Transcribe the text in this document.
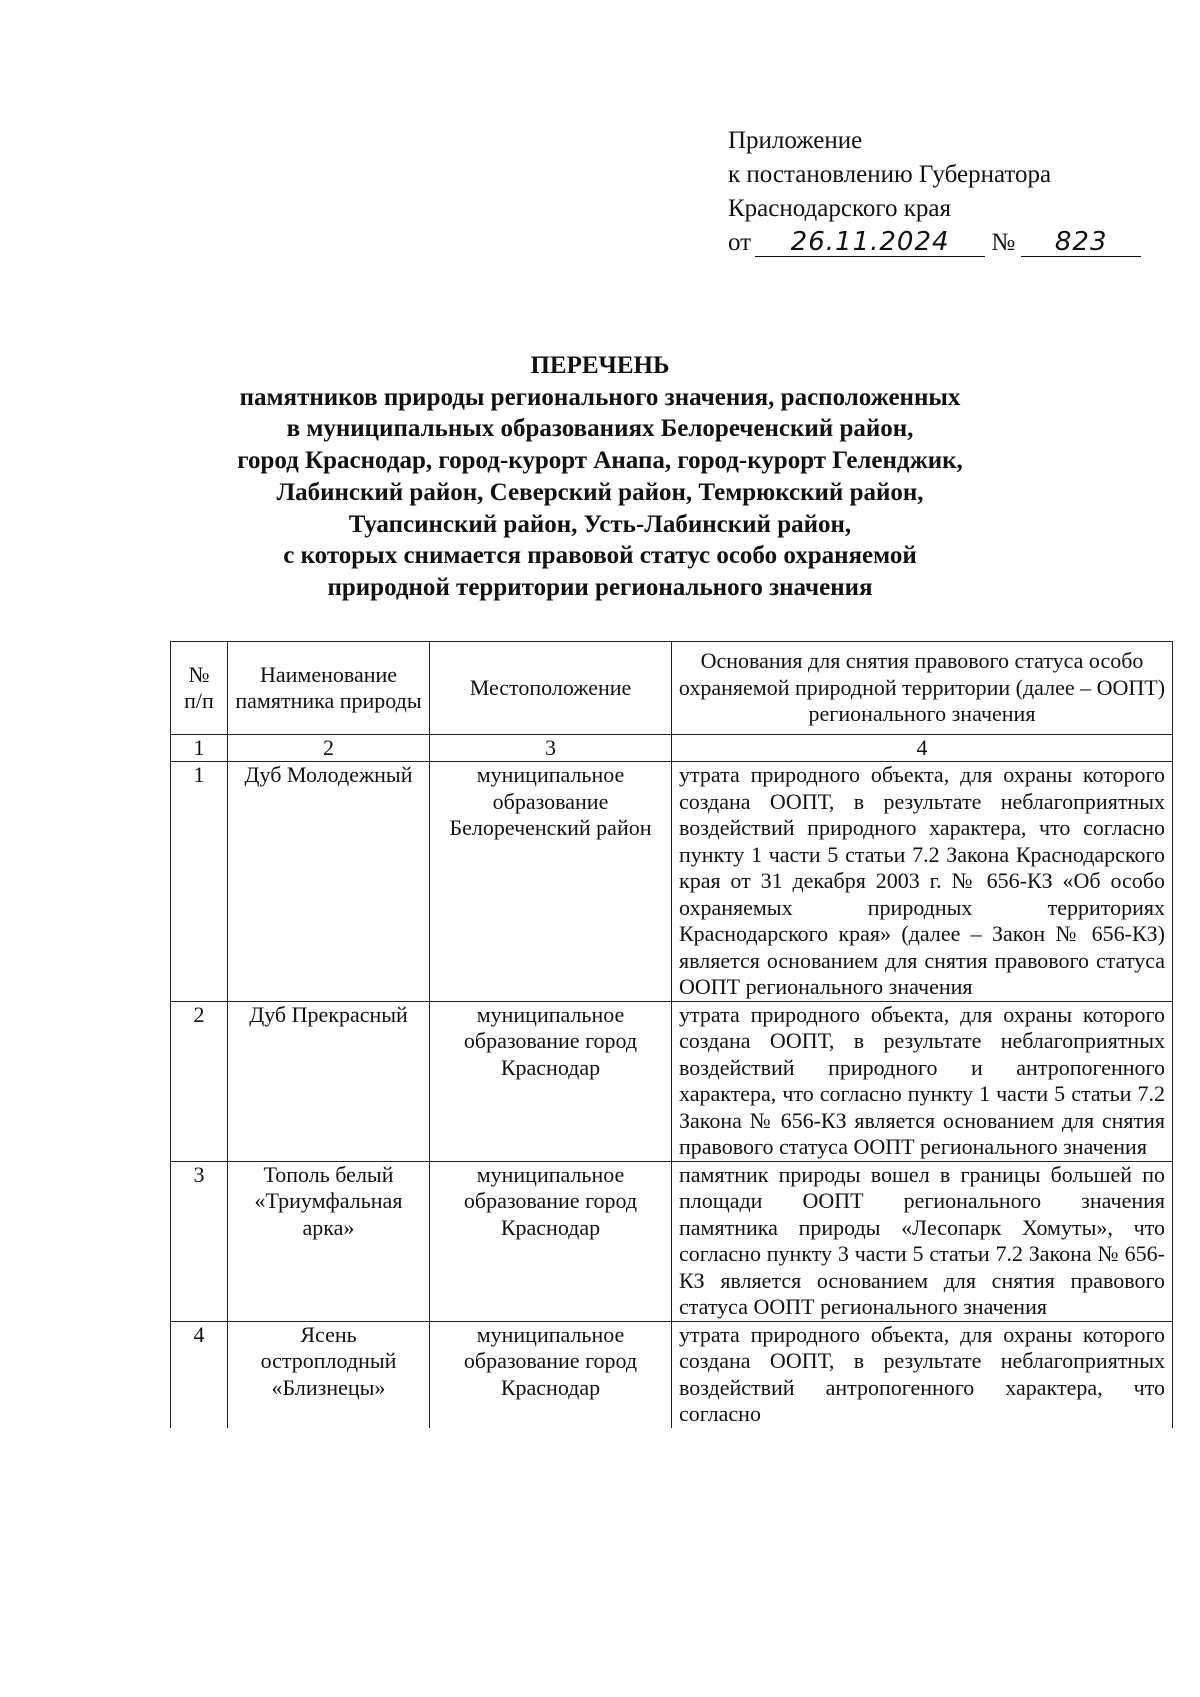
Приложение
к постановлению Губернатора
Краснодарского края
от 26.11.2024 № 823
ПЕРЕЧЕНЬ
памятников природы регионального значения, расположенных
в муниципальных образованиях Белореченский район,
город Краснодар, город-курорт Анапа, город-курорт Геленджик,
Лабинский район, Северский район, Темрюкский район,
Туапсинский район, Усть-Лабинский район,
с которых снимается правовой статус особо охраняемой
природной территории регионального значения
№ п/п	Наименование памятника природы	Местоположение	Основания для снятия правового статуса особо охраняемой природной территории (далее – ООПТ) регионального значения
1	2	3	4
1	Дуб Молодежный	муниципальное образование Белореченский район	утрата природного объекта, для охраны которого создана ООПТ, в результате неблагоприятных воздействий природного характера, что согласно пункту 1 части 5 статьи 7.2 Закона Краснодарского края от 31 декабря 2003 г. № 656-КЗ «Об особо охраняемых природных территориях Краснодарского края» (далее – Закон № 656-КЗ) является основанием для снятия правового статуса ООПТ регионального значения
2	Дуб Прекрасный	муниципальное образование город Краснодар	утрата природного объекта, для охраны которого создана ООПТ, в результате неблагоприятных воздействий природного и антропогенного характера, что согласно пункту 1 части 5 статьи 7.2 Закона № 656-КЗ является основанием для снятия правового статуса ООПТ регионального значения
3	Тополь белый «Триумфальная арка»	муниципальное образование город Краснодар	памятник природы вошел в границы большей по площади ООПТ регионального значения памятника природы «Лесопарк Хомуты», что согласно пункту 3 части 5 статьи 7.2 Закона № 656-КЗ является основанием для снятия правового статуса ООПТ регионального значения
4	Ясень остроплодный «Близнецы»	муниципальное образование город Краснодар	утрата природного объекта, для охраны которого создана ООПТ, в результате неблагоприятных воздействий антропогенного характера, что согласно
